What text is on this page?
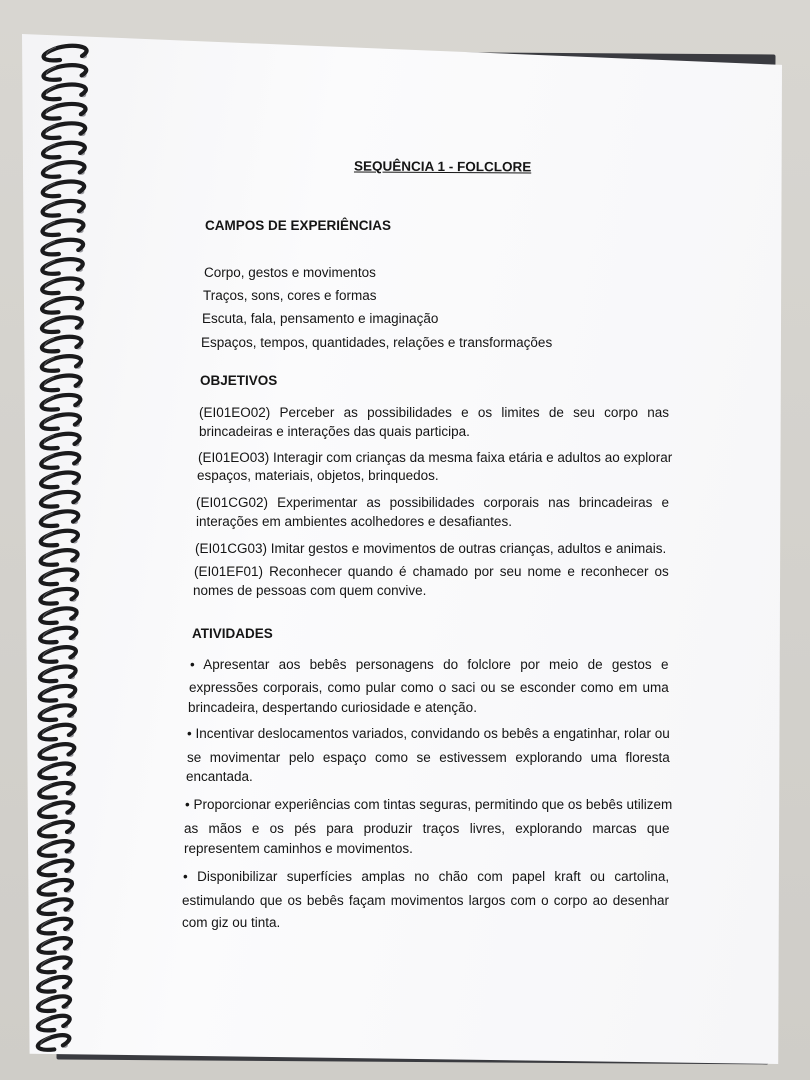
SEQUÊNCIA 1 - FOLCLORE
CAMPOS DE EXPERIÊNCIAS
Corpo, gestos e movimentos
Traços, sons, cores e formas
Escuta, fala, pensamento e imaginação
Espaços, tempos, quantidades, relações e transformações
OBJETIVOS
(EI01EO02) Perceber as possibilidades e os limites de seu corpo nas
brincadeiras e interações das quais participa.
(EI01EO03) Interagir com crianças da mesma faixa etária e adultos ao explorar
espaços, materiais, objetos, brinquedos.
(EI01CG02) Experimentar as possibilidades corporais nas brincadeiras e
interações em ambientes acolhedores e desafiantes.
(EI01CG03) Imitar gestos e movimentos de outras crianças, adultos e animais.
(EI01EF01) Reconhecer quando é chamado por seu nome e reconhecer os
nomes de pessoas com quem convive.
ATIVIDADES
• Apresentar aos bebês personagens do folclore por meio de gestos e
expressões corporais, como pular como o saci ou se esconder como em uma
brincadeira, despertando curiosidade e atenção.
• Incentivar deslocamentos variados, convidando os bebês a engatinhar, rolar ou
se movimentar pelo espaço como se estivessem explorando uma floresta
encantada.
• Proporcionar experiências com tintas seguras, permitindo que os bebês utilizem
as mãos e os pés para produzir traços livres, explorando marcas que
representem caminhos e movimentos.
• Disponibilizar superfícies amplas no chão com papel kraft ou cartolina,
estimulando que os bebês façam movimentos largos com o corpo ao desenhar
com giz ou tinta.
